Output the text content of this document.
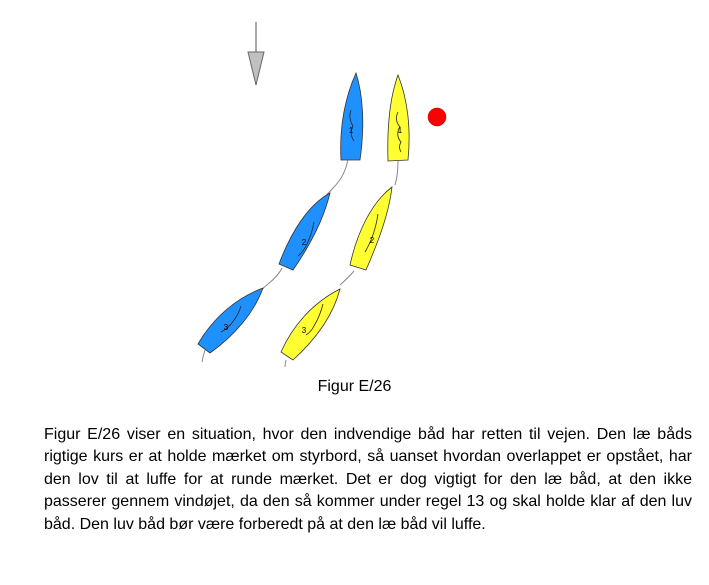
1
2
3
1
2
3
Figur E/26
Figur E/26 viser en situation, hvor den indvendige båd har retten til vejen. Den læ båds rigtige kurs er at holde mærket om styrbord, så uanset hvordan overlappet er opstået, har den lov til at luffe for at runde mærket. Det er dog vigtigt for den læ båd, at den ikke passerer gennem vindøjet, da den så kommer under regel 13 og skal holde klar af den luv båd. Den luv båd bør være forberedt på at den læ båd vil luffe.
